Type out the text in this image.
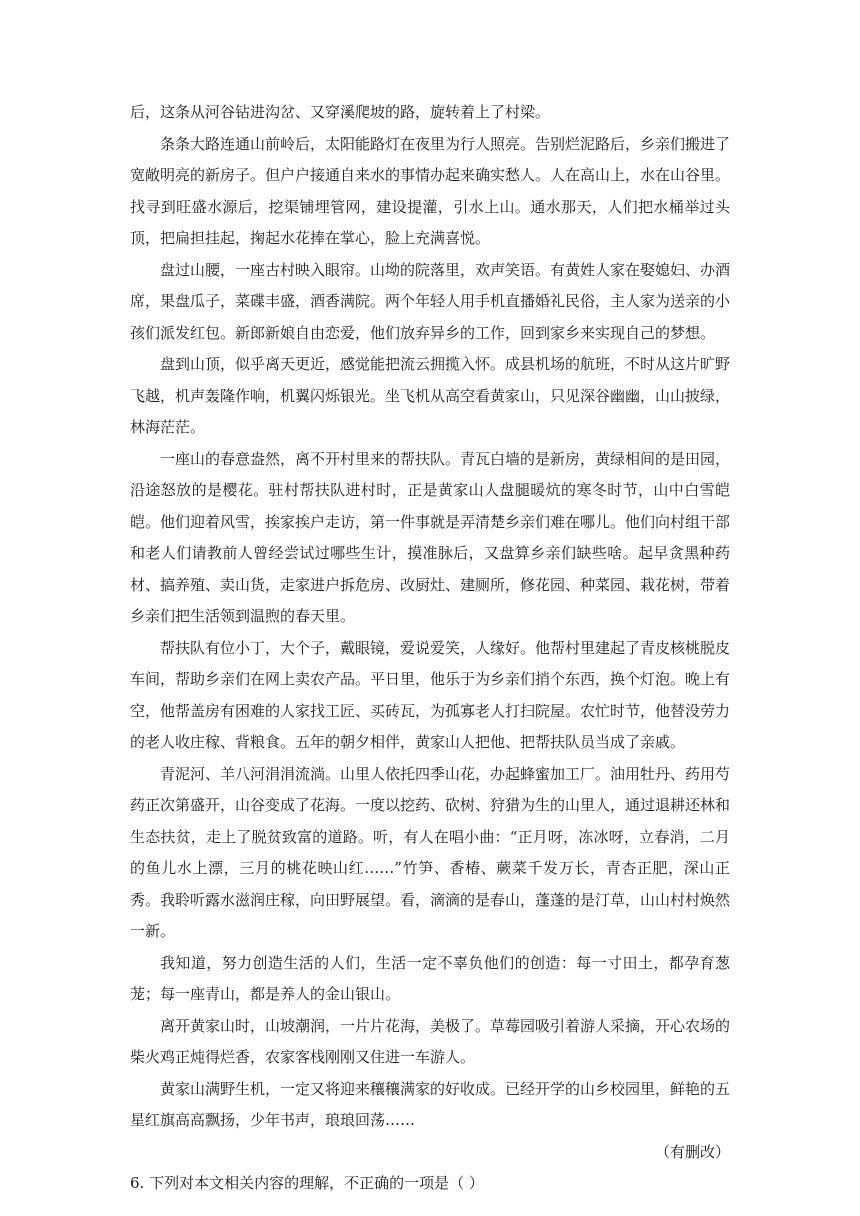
后，这条从河谷钻进沟岔、又穿溪爬坡的路，旋转着上了村梁。

条条大路连通山前岭后，太阳能路灯在夜里为行人照亮。告别烂泥路后，乡亲们搬进了宽敞明亮的新房子。但户户接通自来水的事情办起来确实愁人。人在高山上，水在山谷里。找寻到旺盛水源后，挖渠铺埋管网，建设提灌，引水上山。通水那天，人们把水桶举过头顶，把扁担挂起，掬起水花捧在掌心，脸上充满喜悦。

盘过山腰，一座古村映入眼帘。山坳的院落里，欢声笑语。有黄姓人家在娶媳妇、办酒席，果盘瓜子，菜碟丰盛，酒香满院。两个年轻人用手机直播婚礼民俗，主人家为送亲的小孩们派发红包。新郎新娘自由恋爱，他们放弃异乡的工作，回到家乡来实现自己的梦想。

盘到山顶，似乎离天更近，感觉能把流云拥揽入怀。成县机场的航班，不时从这片旷野飞越，机声轰隆作响，机翼闪烁银光。坐飞机从高空看黄家山，只见深谷幽幽，山山披绿，林海茫茫。

一座山的春意盎然，离不开村里来的帮扶队。青瓦白墙的是新房，黄绿相间的是田园，沿途怒放的是樱花。驻村帮扶队进村时，正是黄家山人盘腿暖炕的寒冬时节，山中白雪皑皑。他们迎着风雪，挨家挨户走访，第一件事就是弄清楚乡亲们难在哪儿。他们向村组干部和老人们请教前人曾经尝试过哪些生计，摸准脉后，又盘算乡亲们缺些啥。起早贪黑种药材、搞养殖、卖山货，走家进户拆危房、改厨灶、建厕所，修花园、种菜园、栽花树，带着乡亲们把生活领到温煦的春天里。

帮扶队有位小丁，大个子，戴眼镜，爱说爱笑，人缘好。他帮村里建起了青皮核桃脱皮车间，帮助乡亲们在网上卖农产品。平日里，他乐于为乡亲们捎个东西，换个灯泡。晚上有空，他帮盖房有困难的人家找工匠、买砖瓦，为孤寡老人打扫院屋。农忙时节，他替没劳力的老人收庄稼、背粮食。五年的朝夕相伴，黄家山人把他、把帮扶队员当成了亲戚。

青泥河、羊八河涓涓流淌。山里人依托四季山花，办起蜂蜜加工厂。油用牡丹、药用芍药正次第盛开，山谷变成了花海。一度以挖药、砍树、狩猎为生的山里人，通过退耕还林和生态扶贫，走上了脱贫致富的道路。听，有人在唱小曲：“正月呀，冻冰呀，立春消，二月的鱼儿水上漂，三月的桃花映山红……”竹笋、香椿、蕨菜千发万长，青杏正肥，深山正秀。我聆听露水滋润庄稼，向田野展望。看，滴滴的是春山，蓬蓬的是汀草，山山村村焕然一新。

我知道，努力创造生活的人们，生活一定不辜负他们的创造：每一寸田土，都孕育葱茏；每一座青山，都是养人的金山银山。

离开黄家山时，山坡潮润，一片片花海，美极了。草莓园吸引着游人采摘，开心农场的柴火鸡正炖得烂香，农家客栈刚刚又住进一车游人。

黄家山满野生机，一定又将迎来穰穰满家的好收成。已经开学的山乡校园里，鲜艳的五星红旗高高飘扬，少年书声，琅琅回荡……

（有删改）

6. 下列对本文相关内容的理解，不正确的一项是（ ）
